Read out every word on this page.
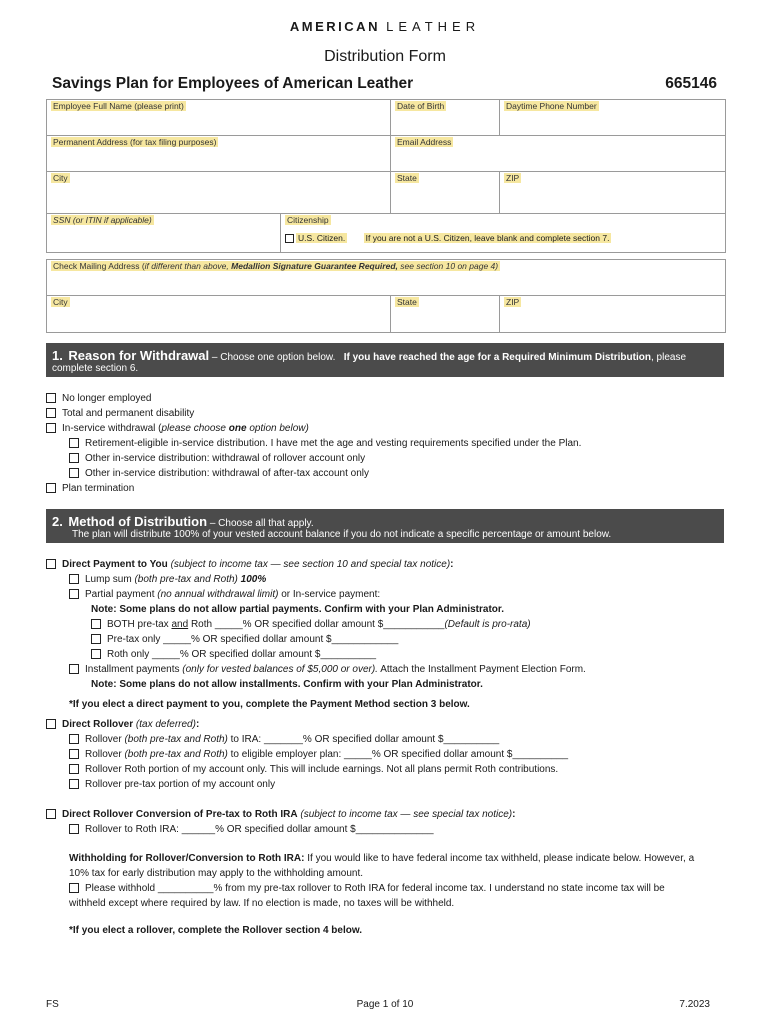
AMERICAN LEATHER
Distribution Form
Savings Plan for Employees of American Leather	665146
Employee Full Name (please print)	Date of Birth	Daytime Phone Number
Permanent Address (for tax filing purposes)	Email Address
City	State	ZIP
SSN (or ITIN if applicable)	Citizenship
U.S. Citizen. If you are not a U.S. Citizen, leave blank and complete section 7.
Check Mailing Address (if different than above, Medallion Signature Guarantee Required, see section 10 on page 4)
City	State	ZIP
1. Reason for Withdrawal – Choose one option below. If you have reached the age for a Required Minimum Distribution, please
complete section 6.
No longer employed
Total and permanent disability
In-service withdrawal (please choose one option below)
Retirement-eligible in-service distribution. I have met the age and vesting requirements specified under the Plan.
Other in-service distribution: withdrawal of rollover account only
Other in-service distribution: withdrawal of after-tax account only
Plan termination
2. Method of Distribution – Choose all that apply.
The plan will distribute 100% of your vested account balance if you do not indicate a specific percentage or amount below.
Direct Payment to You (subject to income tax — see section 10 and special tax notice):
Lump sum (both pre-tax and Roth) 100%
Partial payment (no annual withdrawal limit) or In-service payment:
Note: Some plans do not allow partial payments. Confirm with your Plan Administrator.
BOTH pre-tax and Roth _____% OR specified dollar amount $___________(Default is pro-rata)
Pre-tax only _____% OR specified dollar amount $____________
Roth only _____% OR specified dollar amount $__________
Installment payments (only for vested balances of $5,000 or over). Attach the Installment Payment Election Form.
Note: Some plans do not allow installments. Confirm with your Plan Administrator.
*If you elect a direct payment to you, complete the Payment Method section 3 below.
Direct Rollover (tax deferred):
Rollover (both pre-tax and Roth) to IRA: _______% OR specified dollar amount $__________
Rollover (both pre-tax and Roth) to eligible employer plan: _____% OR specified dollar amount $__________
Rollover Roth portion of my account only. This will include earnings. Not all plans permit Roth contributions.
Rollover pre-tax portion of my account only
Direct Rollover Conversion of Pre-tax to Roth IRA (subject to income tax — see special tax notice):
Rollover to Roth IRA: ______% OR specified dollar amount $______________
Withholding for Rollover/Conversion to Roth IRA: If you would like to have federal income tax withheld, please indicate below. However, a
10% tax for early distribution may apply to the withholding amount.
Please withhold __________% from my pre-tax rollover to Roth IRA for federal income tax. I understand no state income tax will be
withheld except where required by law. If no election is made, no taxes will be withheld.
*If you elect a rollover, complete the Rollover section 4 below.
FS	Page 1 of 10	7.2023
